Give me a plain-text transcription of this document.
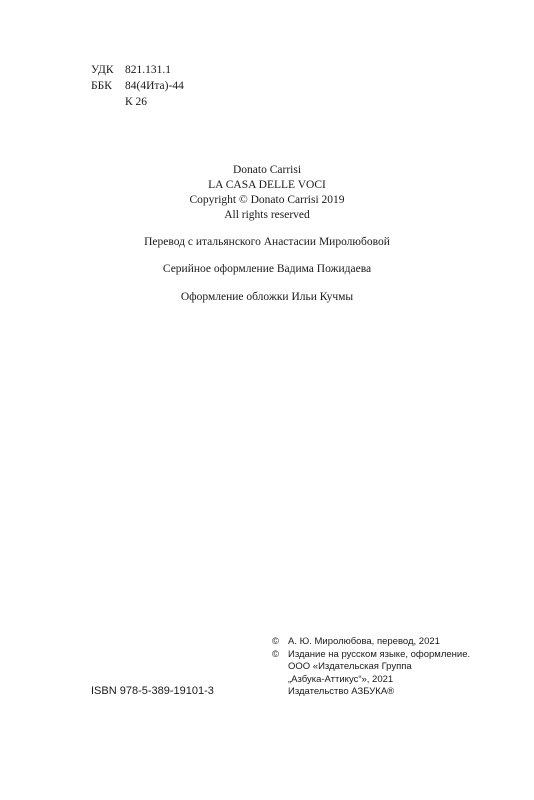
УДК 821.131.1
ББК 84(4Ита)-44
К 26
Donato Carrisi
LA CASA DELLE VOCI
Copyright © Donato Carrisi 2019
All rights reserved
Перевод с итальянского Анастасии Миролюбовой
Серийное оформление Вадима Пожидаева
Оформление обложки Ильи Кучмы
© А. Ю. Миролюбова, перевод, 2021
© Издание на русском языке, оформление.
ООО «Издательская Группа
„Азбука-Аттикус“», 2021
Издательство АЗБУКА®
ISBN 978-5-389-19101-3
